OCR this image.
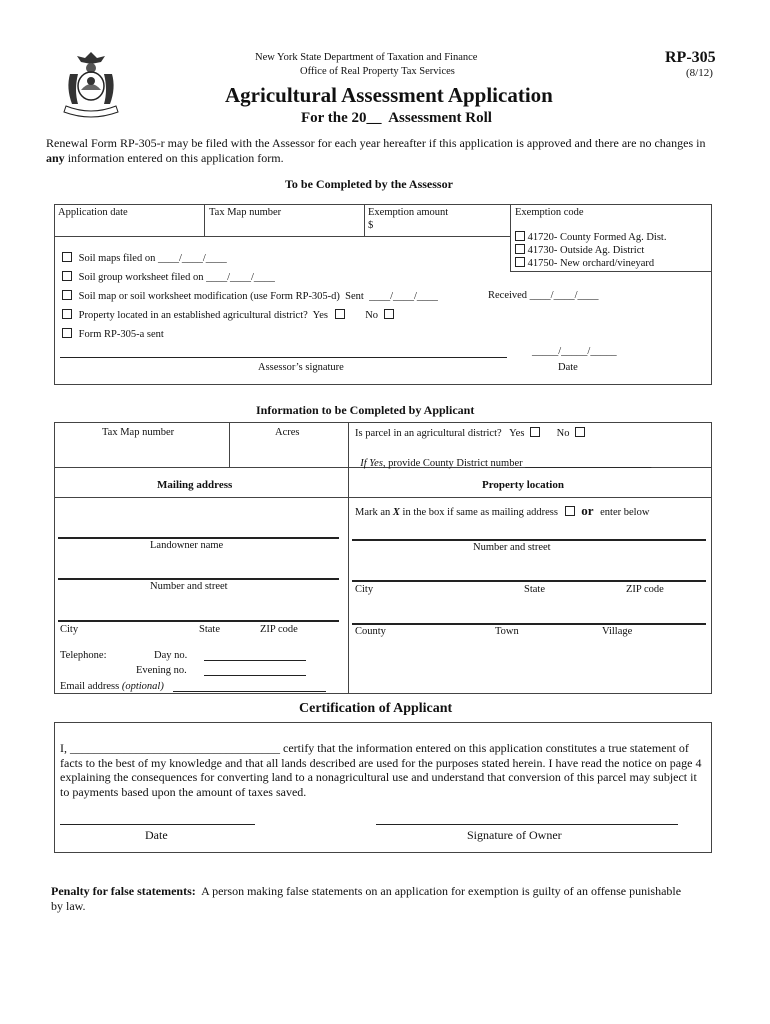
New York State Department of Taxation and Finance
Office of Real Property Tax Services
RP-305
(8/12)
Agricultural Assessment Application
For the 20__  Assessment Roll
Renewal Form RP-305-r may be filed with the Assessor for each year hereafter if this application is approved and there are no changes in any information entered on this application form.
To be Completed by the Assessor
Application date	Tax Map number	Exemption amount
$
Exemption code
41720- County Formed Ag. Dist.
41730- Outside Ag. District
41750- New orchard/vineyard
Soil maps filed on ____/____/____
Soil group worksheet filed on ____/____/____
Soil map or soil worksheet modification (use Form RP-305-d)  Sent  ____/____/____	Received ____/____/____
Property located in an established agricultural district?  Yes	No
Form RP-305-a sent
_____/_____/_____
Assessor’s signature	Date
Information to be Completed by Applicant
Tax Map number	Acres	Is parcel in an agricultural district?   Yes	No

If Yes, provide County District number ________________________

Mailing address	Property location
Mark an X in the box if same as mailing address or enter below
Landowner name
Number and street
City	State	ZIP code
Telephone:	Day no.
Evening no.
Email address (optional)
Number and street
City	State	ZIP code
County	Town	Village
Certification of Applicant
I, ___________________________________ certify that the information entered on this application constitutes a true statement of facts to the best of my knowledge and that all lands described are used for the purposes stated herein. I have read the notice on page 4 explaining the consequences for converting land to a nonagricultural use and understand that conversion of this parcel may subject it to payments based upon the amount of taxes saved.
Date	Signature of Owner

Penalty for false statements:  A person making false statements on an application for exemption is guilty of an offense punishable by law.
